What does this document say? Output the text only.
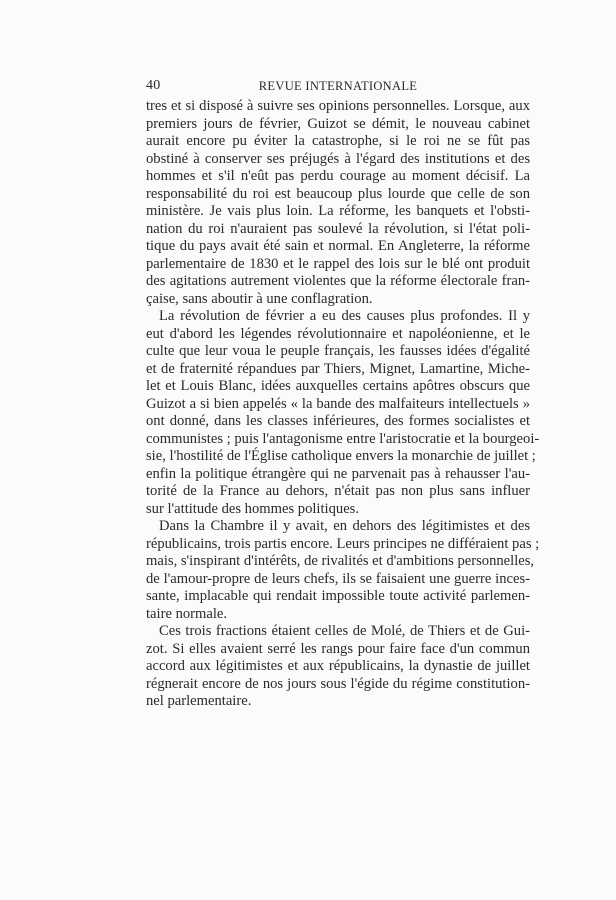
40	REVUE INTERNATIONALE
tres et si disposé à suivre ses opinions personnelles. Lorsque, aux
premiers jours de février, Guizot se démit, le nouveau cabinet
aurait encore pu éviter la catastrophe, si le roi ne se fût pas
obstiné à conserver ses préjugés à l'égard des institutions et des
hommes et s'il n'eût pas perdu courage au moment décisif. La
responsabilité du roi est beaucoup plus lourde que celle de son
ministère. Je vais plus loin. La réforme, les banquets et l'obsti-
nation du roi n'auraient pas soulevé la révolution, si l'état poli-
tique du pays avait été sain et normal. En Angleterre, la réforme
parlementaire de 1830 et le rappel des lois sur le blé ont produit
des agitations autrement violentes que la réforme électorale fran-
çaise, sans aboutir à une conflagration.
La révolution de février a eu des causes plus profondes. Il y
eut d'abord les légendes révolutionnaire et napoléonienne, et le
culte que leur voua le peuple français, les fausses idées d'égalité
et de fraternité répandues par Thiers, Mignet, Lamartine, Miche-
let et Louis Blanc, idées auxquelles certains apôtres obscurs que
Guizot a si bien appelés « la bande des malfaiteurs intellectuels »
ont donné, dans les classes inférieures, des formes socialistes et
communistes ; puis l'antagonisme entre l'aristocratie et la bourgeoi-
sie, l'hostilité de l'Église catholique envers la monarchie de juillet ;
enfin la politique étrangère qui ne parvenait pas à rehausser l'au-
torité de la France au dehors, n'était pas non plus sans influer
sur l'attitude des hommes politiques.
Dans la Chambre il y avait, en dehors des légitimistes et des
républicains, trois partis encore. Leurs principes ne différaient pas ;
mais, s'inspirant d'intérêts, de rivalités et d'ambitions personnelles,
de l'amour-propre de leurs chefs, ils se faisaient une guerre inces-
sante, implacable qui rendait impossible toute activité parlemen-
taire normale.
Ces trois fractions étaient celles de Molé, de Thiers et de Gui-
zot. Si elles avaient serré les rangs pour faire face d'un commun
accord aux légitimistes et aux républicains, la dynastie de juillet
régnerait encore de nos jours sous l'égide du régime constitution-
nel parlementaire.
